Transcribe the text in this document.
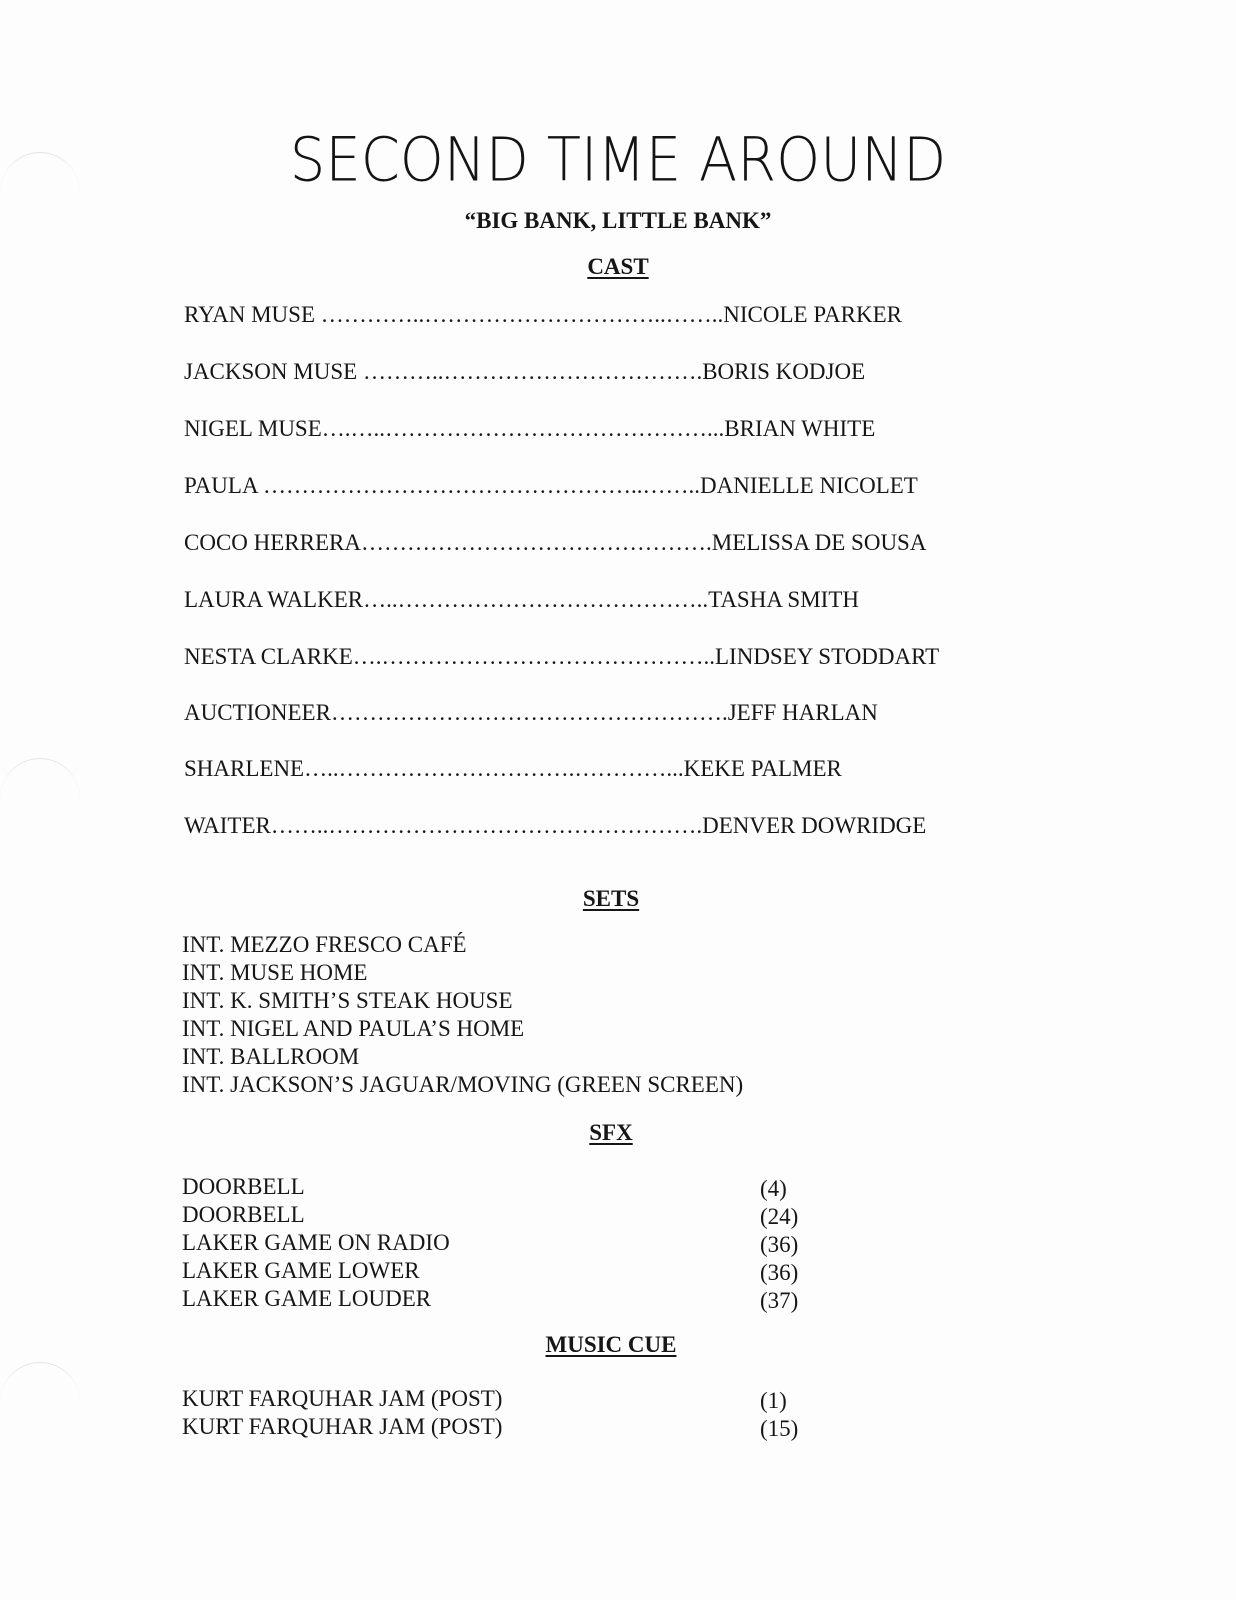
SECOND TIME AROUND
“BIG BANK, LITTLE BANK”
CAST
RYAN MUSE …………..…………………………..……..NICOLE PARKER
JACKSON MUSE ………..…………………………….BORIS KODJOE
NIGEL MUSE….…..……………………………………...BRIAN WHITE
PAULA …………………………………………..……..DANIELLE NICOLET
COCO HERRERA……………………………………….MELISSA DE SOUSA
LAURA WALKER…..…………………………………..TASHA SMITH
NESTA CLARKE….……………………………………..LINDSEY STODDART
AUCTIONEER…………………………………………….JEFF HARLAN
SHARLENE…..………………………….…………...KEKE PALMER
WAITER……..………………………………………….DENVER DOWRIDGE
SETS
INT. MEZZO FRESCO CAFÉ
INT. MUSE HOME
INT. K. SMITH’S STEAK HOUSE
INT. NIGEL AND PAULA’S HOME
INT. BALLROOM
INT. JACKSON’S JAGUAR/MOVING (GREEN SCREEN)
SFX
DOORBELL	(4)
DOORBELL	(24)
LAKER GAME ON RADIO	(36)
LAKER GAME LOWER	(36)
LAKER GAME LOUDER	(37)
MUSIC CUE
KURT FARQUHAR JAM (POST)	(1)
KURT FARQUHAR JAM (POST)	(15)
